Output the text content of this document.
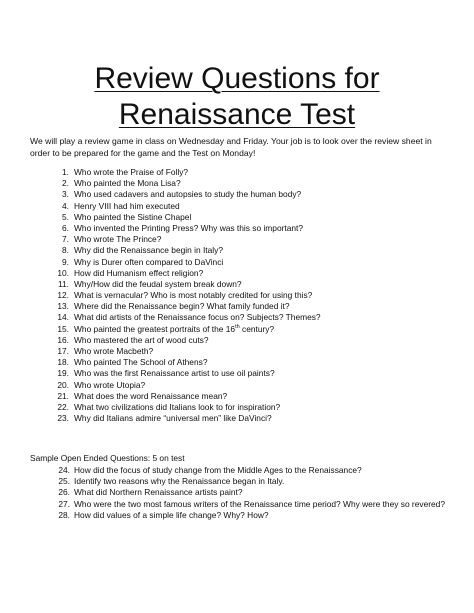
Review Questions for
Renaissance Test
We will play a review game in class on Wednesday and Friday. Your job is to look over the review sheet in order to be prepared for the game and the Test on Monday!
1. Who wrote the Praise of Folly?
2. Who painted the Mona Lisa?
3. Who used cadavers and autopsies to study the human body?
4. Henry VIII had him executed
5. Who painted the Sistine Chapel
6. Who invented the Printing Press? Why was this so important?
7. Who wrote The Prince?
8. Why did the Renaissance begin in Italy?
9. Why is Durer often compared to DaVinci
10. How did Humanism effect religion?
11. Why/How did the feudal system break down?
12. What is vernacular? Who is most notably credited for using this?
13. Where did the Renaissance begin? What family funded it?
14. What did artists of the Renaissance focus on? Subjects? Themes?
15. Who painted the greatest portraits of the 16th century?
16. Who mastered the art of wood cuts?
17. Who wrote Macbeth?
18. Who painted The School of Athens?
19. Who was the first Renaissance artist to use oil paints?
20. Who wrote Utopia?
21. What does the word Renaissance mean?
22. What two civilizations did Italians look to for inspiration?
23. Why did Italians admire “universal men” like DaVinci?
Sample Open Ended Questions: 5 on test
24. How did the focus of study change from the Middle Ages to the Renaissance?
25. Identify two reasons why the Renaissance began in Italy.
26. What did Northern Renaissance artists paint?
27. Who were the two most famous writers of the Renaissance time period? Why were they so revered?
28. How did values of a simple life change? Why? How?
